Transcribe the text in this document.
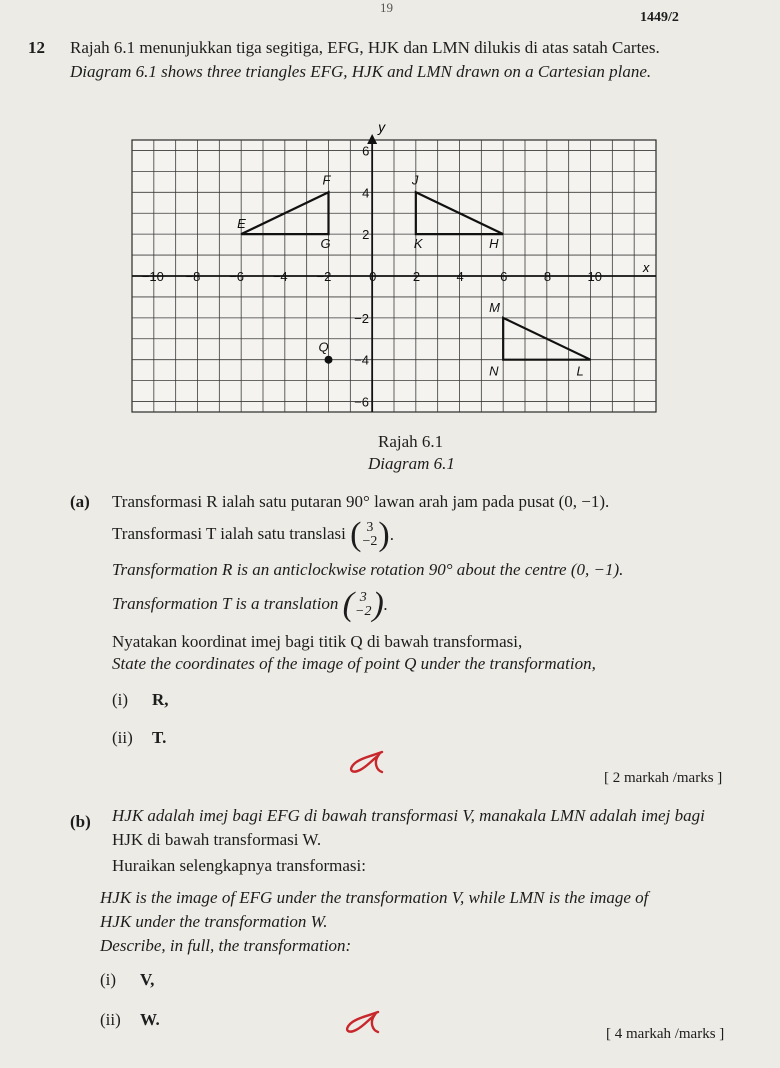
19
1449/2
12 Rajah 6.1 menunjukkan tiga segitiga, EFG, HJK dan LMN dilukis di atas satah Cartes.
Diagram 6.1 shows three triangles EFG, HJK and LMN drawn on a Cartesian plane.
x
y
−10 −8 −6 −4 −2	0	2	4	6	8	10
6
4
2
−2
−4
−6
E
F
G
J
K	H
M
N	L
Q
Rajah 6.1
Diagram 6.1
(a) Transformasi R ialah satu putaran 90° lawan arah jam pada pusat (0, −1).
Transformasi T ialah satu translasi ( 3
−2 ) .
Transformation R is an anticlockwise rotation 90° about the centre (0, −1).
Transformation T is a translation ( 3
−2 ) .
Nyatakan koordinat imej bagi titik Q di bawah transformasi,
State the coordinates of the image of point Q under the transformation,
(i) R,
(ii) T.
[ 2 markah /marks ]
(b) HJK adalah imej bagi EFG di bawah transformasi V, manakala LMN adalah imej bagi
HJK di bawah transformasi W.
Huraikan selengkapnya transformasi:
HJK is the image of EFG under the transformation V, while LMN is the image of
HJK under the transformation W.
Describe, in full, the transformation:
(i) V,
(ii) W.
[ 4 markah /marks ]
